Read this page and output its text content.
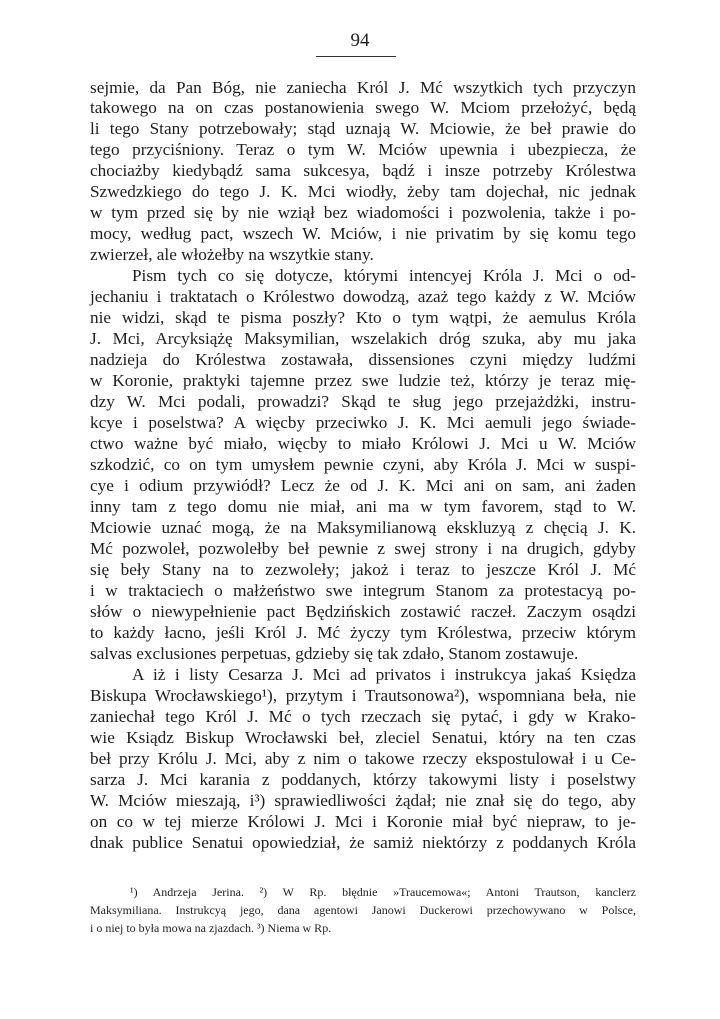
94
sejmie, da Pan Bóg, nie zaniecha Król J. Mć wszytkich tych przyczyn
takowego na on czas postanowienia swego W. Mciom przełożyć, będą
li tego Stany potrzebowały; stąd uznają W. Mciowie, że beł prawie do
tego przyciśniony. Teraz o tym W. Mciów upewnia i ubezpiecza, że
chociażby kiedybądź sama sukcesya, bądź i insze potrzeby Królestwa
Szwedzkiego do tego J. K. Mci wiodły, żeby tam dojechał, nic jednak
w tym przed się by nie wziął bez wiadomości i pozwolenia, także i po-
mocy, według pact, wszech W. Mciów, i nie privatim by się komu tego
zwierzeł, ale włożełby na wszytkie stany.
Pism tych co się dotycze, którymi intencyej Króla J. Mci o od-
jechaniu i traktatach o Królestwo dowodzą, azaż tego każdy z W. Mciów
nie widzi, skąd te pisma poszły? Kto o tym wątpi, że aemulus Króla
J. Mci, Arcyksiążę Maksymilian, wszelakich dróg szuka, aby mu jaka
nadzieja do Królestwa zostawała, dissensiones czyni między ludźmi
w Koronie, praktyki tajemne przez swe ludzie też, którzy je teraz mię-
dzy W. Mci podali, prowadzi? Skąd te sług jego przejażdżki, instru-
kcye i poselstwa? A więcby przeciwko J. K. Mci aemuli jego świade-
ctwo ważne być miało, więcby to miało Królowi J. Mci u W. Mciów
szkodzić, co on tym umysłem pewnie czyni, aby Króla J. Mci w suspi-
cye i odium przywiódł? Lecz że od J. K. Mci ani on sam, ani żaden
inny tam z tego domu nie miał, ani ma w tym favorem, stąd to W.
Mciowie uznać mogą, że na Maksymilianową ekskluzyą z chęcią J. K.
Mć pozwoleł, pozwolełby beł pewnie z swej strony i na drugich, gdyby
się beły Stany na to zezwoleły; jakoż i teraz to jeszcze Król J. Mć
i w traktaciech o małżeństwo swe integrum Stanom za protestacyą po-
słów o niewypełnienie pact Będzińskich zostawić raczeł. Zaczym osądzi
to każdy łacno, jeśli Król J. Mć życzy tym Królestwa, przeciw którym
salvas exclusiones perpetuas, gdzieby się tak zdało, Stanom zostawuje.
A iż i listy Cesarza J. Mci ad privatos i instrukcya jakaś Księdza
Biskupa Wrocławskiego¹), przytym i Trautsonowa²), wspomniana beła, nie
zaniechał tego Król J. Mć o tych rzeczach się pytać, i gdy w Krako-
wie Ksiądz Biskup Wrocławski beł, zleciel Senatui, który na ten czas
beł przy Królu J. Mci, aby z nim o takowe rzeczy ekspostulował i u Ce-
sarza J. Mci karania z poddanych, którzy takowymi listy i poselstwy
W. Mciów mieszają, i³) sprawiedliwości żądał; nie znał się do tego, aby
on co w tej mierze Królowi J. Mci i Koronie miał być niepraw, to je-
dnak publice Senatui opowiedział, że samiż niektórzy z poddanych Króla
¹) Andrzeja Jerina. ²) W Rp. błędnie »Traucemowa«; Antoni Trautson, kanclerz
Maksymiliana. Instrukcyą jego, dana agentowi Janowi Duckerowi przechowywano w Polsce,
i o niej to była mowa na zjazdach. ³) Niema w Rp.
